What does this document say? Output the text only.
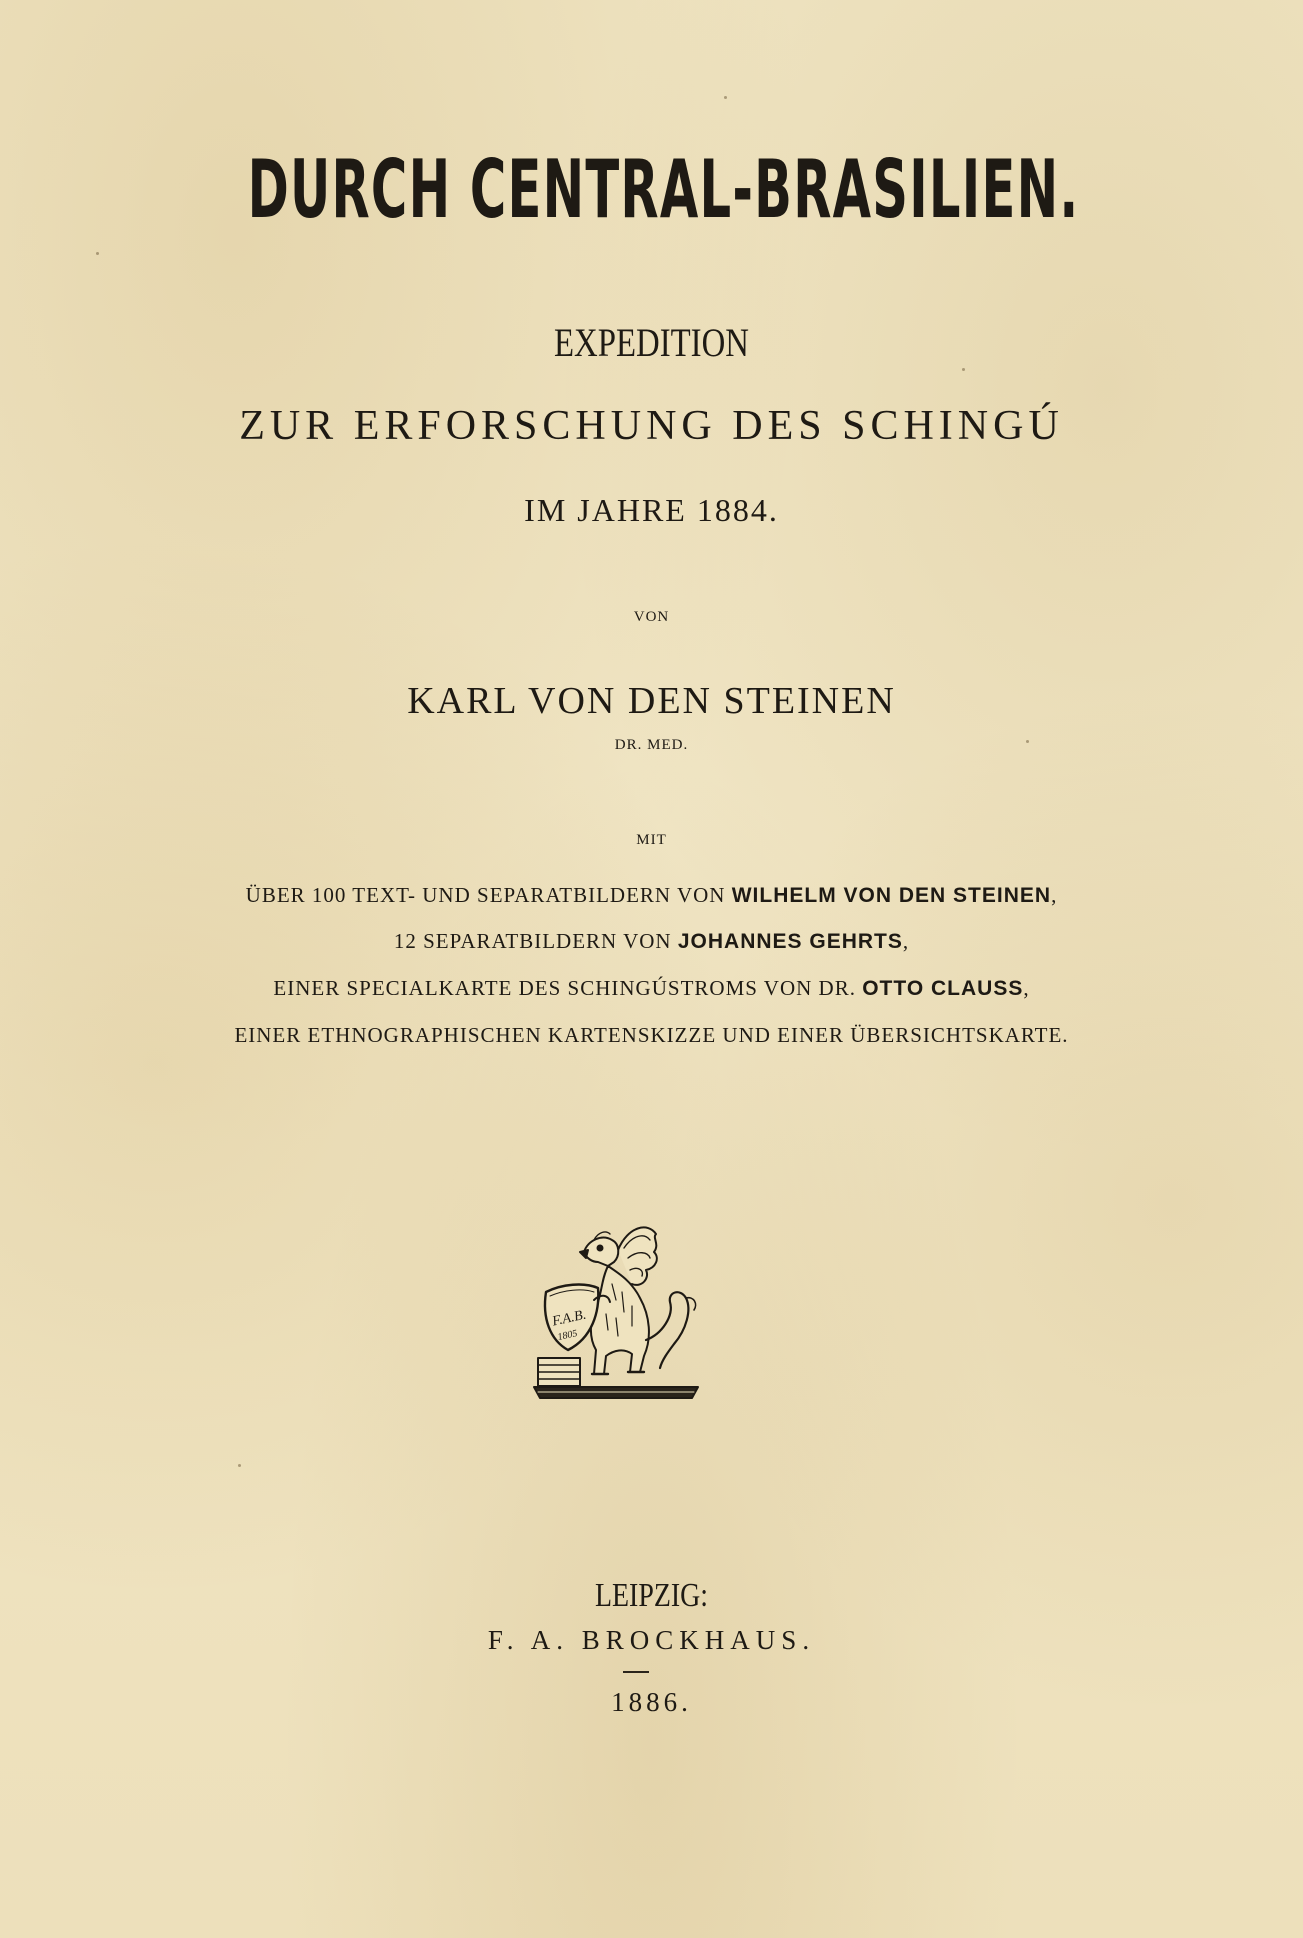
DURCH CENTRAL-BRASILIEN.
EXPEDITION
ZUR ERFORSCHUNG DES SCHINGÚ
IM JAHRE 1884.
VON
KARL VON DEN STEINEN
DR. MED.
MIT
ÜBER 100 TEXT- UND SEPARATBILDERN VON WILHELM VON DEN STEINEN,
12 SEPARATBILDERN VON JOHANNES GEHRTS,
EINER SPECIALKARTE DES SCHINGÚSTROMS VON DR. OTTO CLAUSS,
EINER ETHNOGRAPHISCHEN KARTENSKIZZE UND EINER ÜBERSICHTSKARTE.
F.A.B.
1805
LEIPZIG:
F. A. BROCKHAUS.
1886.
